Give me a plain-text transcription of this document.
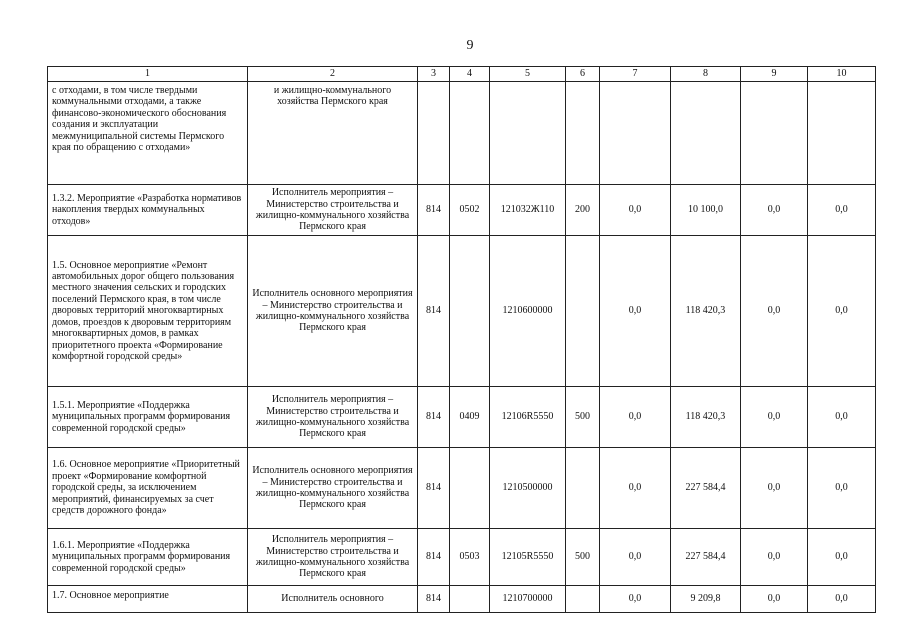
9
1	2	3	4	5	6	7	8	9	10
с отходами, в том числе твердыми коммунальными отходами, а также финансово-экономического обоснования создания и эксплуатации межмуниципальной системы Пермского края по обращению с отходами»	и жилищно-коммунального хозяйства Пермского края								
1.3.2. Мероприятие «Разработка нормативов накопления твердых коммунальных отходов»	Исполнитель мероприятия – Министерство строительства и жилищно-коммунального хозяйства Пермского края	814	0502	121032Ж110	200	0,0	10 100,0	0,0	0,0
1.5. Основное мероприятие «Ремонт автомобильных дорог общего пользования местного значения сельских и городских поселений Пермского края, в том числе дворовых территорий многоквартирных домов, проездов к дворовым территориям многоквартирных домов, в рамках приоритетного проекта «Формирование комфортной городской среды»	Исполнитель основного мероприятия – Министерство строительства и жилищно-коммунального хозяйства Пермского края	814		1210600000		0,0	118 420,3	0,0	0,0
1.5.1. Мероприятие «Поддержка муниципальных программ формирования современной городской среды»	Исполнитель мероприятия – Министерство строительства и жилищно-коммунального хозяйства Пермского края	814	0409	12106R5550	500	0,0	118 420,3	0,0	0,0
1.6. Основное мероприятие «Приоритетный проект «Формирование комфортной городской среды, за исключением мероприятий, финансируемых за счет средств дорожного фонда»	Исполнитель основного мероприятия – Министерство строительства и жилищно-коммунального хозяйства Пермского края	814		1210500000		0,0	227 584,4	0,0	0,0
1.6.1. Мероприятие «Поддержка муниципальных программ формирования современной городской среды»	Исполнитель мероприятия – Министерство строительства и жилищно-коммунального хозяйства Пермского края	814	0503	12105R5550	500	0,0	227 584,4	0,0	0,0
1.7. Основное мероприятие	Исполнитель основного	814		1210700000		0,0	9 209,8	0,0	0,0
